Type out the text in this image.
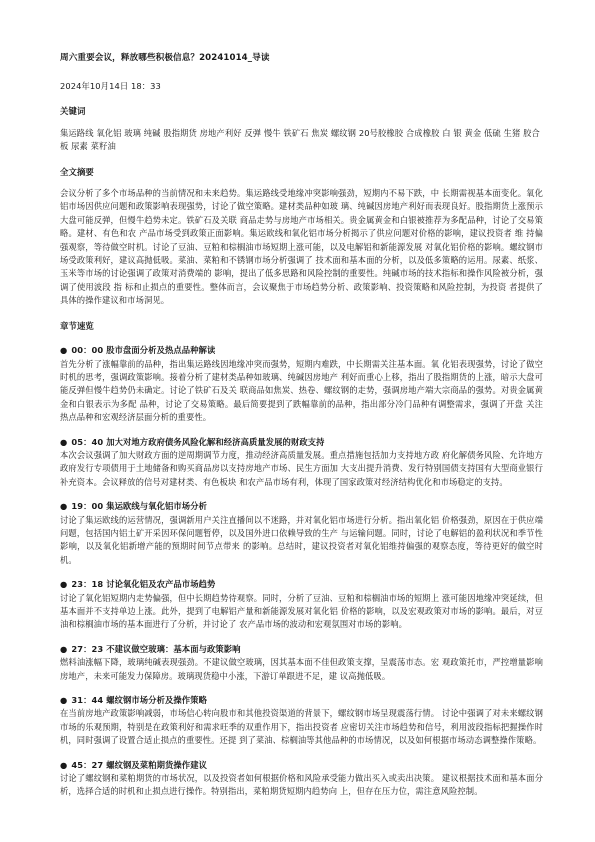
周六重要会议，释放哪些积极信息？20241014_导读

2024年10月14日 18：33

关键词

集运路线 氧化铝 玻璃 纯碱 股指期货 房地产利好 反弹 慢牛 铁矿石 焦炭 螺纹钢 20号胶橡胶 合成橡胶 白 银 黄金 低硫 生猪 胶合板 尿素 菜籽油

全文摘要

会议分析了多个市场品种的当前情况和未来趋势。集运路线受地缘冲突影响强劲，短期内不易下跌，中 长期需视基本面变化。氧化铝市场因供应问题和政策影响表现强势，讨论了做空策略。建材类品种如玻 璃、纯碱因房地产利好而表现良好。股指期货上涨预示大盘可能反弹，但慢牛趋势未定。铁矿石及关联 商品走势与房地产市场相关。贵金属黄金和白银被推荐为多配品种，讨论了交易策略。建材、有色和农 产品市场受到政策正面影响。集运欧线和氧化铝市场分析揭示了供应问题对价格的影响，建议投资者 维 持偏强观察，等待做空时机。讨论了豆油、豆粕和棕榈油市场短期上涨可能，以及电解铝和新能源发展 对氧化铝价格的影响。螺纹钢市场受政策利好，建议高抛低吸。菜油、菜粕和不锈钢市场分析强调了 技术面和基本面的分析，以及低多策略的运用。尿素、纸浆、玉米等市场的讨论强调了政策对消费端的 影响，提出了低多思路和风险控制的重要性。纯碱市场的技术指标和操作风险被分析，强调了使用波段 指 标和止损点的重要性。整体而言，会议聚焦于市场趋势分析、政策影响、投资策略和风险控制，为投资 者提供了具体的操作建议和市场洞见。

章节速览

● 00：00 股市盘面分析及热点品种解读

首先分析了涨幅靠前的品种，指出集运路线因地缘冲突而强势，短期内难跌，中长期需关注基本面。氧 化铝表现强势，讨论了做空时机的思考，强调政策影响。接着分析了建材类品种如玻璃、纯碱因房地产 利好而重心上移，指出了股指期货的上涨，暗示大盘可能反弹但慢牛趋势仍未确定。讨论了铁矿石及关 联商品如焦炭、热卷、螺纹钢的走势，强调房地产端大宗商品的强势。对贵金属黄金和白银表示为多配 品种，讨论了交易策略。最后简要提到了跌幅靠前的品种，指出部分冷门品种有调整需求，强调了开盘 关注热点品种和宏观经济层面分析的重要性。

● 05：40 加大对地方政府债务风险化解和经济高质量发展的财政支持

本次会议强调了加大财政方面的逆周期调节力度，推动经济高质量发展。重点措施包括加力支持地方政 府化解债务风险、允许地方政府发行专项债用于土地储备和购买商品房以支持房地产市场、民生方面加 大支出提升消费、发行特别国债支持国有大型商业银行补充资本。会议释放的信号对建材类、有色板块 和农产品市场有利，体现了国家政策对经济结构优化和市场稳定的支持。

● 19：00 集运欧线与氧化铝市场分析

讨论了集运欧线的运营情况，强调新用户关注直播间以不迷路，并对氧化铝市场进行分析。指出氧化铝 价格强劲，原因在于供应端问题，包括国内铝土矿开采因环保问题暂停，以及国外进口依赖导致的生产 与运输问题。同时，讨论了电解铝的盈利状况和季节性影响，以及氧化铝新增产能的预期时间节点带来 的影响。总结时，建议投资者对氧化铝维持偏强的观察态度，等待更好的做空时机。

● 23：18 讨论氧化铝及农产品市场趋势

讨论了氧化铝短期内走势偏强，但中长期趋势待观察。同时，分析了豆油、豆粕和棕榈油市场的短期上 涨可能因地缘冲突延续，但基本面并不支持单边上涨。此外，提到了电解铝产量和新能源发展对氧化铝 价格的影响，以及宏观政策对市场的影响。最后，对豆油和棕榈油市场的基本面进行了分析，并讨论了 农产品市场的波动和宏观氛围对市场的影响。

● 27：23 不建议做空玻璃：基本面与政策影响

燃料油涨幅下降，玻璃纯碱表现强劲。不建议做空玻璃，因其基本面不佳但政策支撑，呈震荡市态。宏 观政策托市，严控增量影响房地产，未来可能发力保障房。玻璃现货稳中小涨，下游订单跟进不足，建 议高抛低吸。

● 31：44 螺纹钢市场分析及操作策略

在当前房地产政策影响减弱，市场信心转向股市和其他投资渠道的背景下，螺纹钢市场呈现震荡行情。 讨论中强调了对未来螺纹钢市场的乐观预期，特别是在政策利好和需求旺季的双重作用下，指出投资者 应密切关注市场趋势和信号，利用波段指标把握操作时机，同时强调了设置合适止损点的重要性。还提 到了菜油、棕榈油等其他品种的市场情况，以及如何根据市场动态调整操作策略。

● 45：27 螺纹钢及菜粕期货操作建议

讨论了螺纹钢和菜粕期货的市场状况，以及投资者如何根据价格和风险承受能力做出买入或卖出决策。 建议根据技术面和基本面分析，选择合适的时机和止损点进行操作。特别指出，菜粕期货短期内趋势向 上，但存在压力位，需注意风险控制。
